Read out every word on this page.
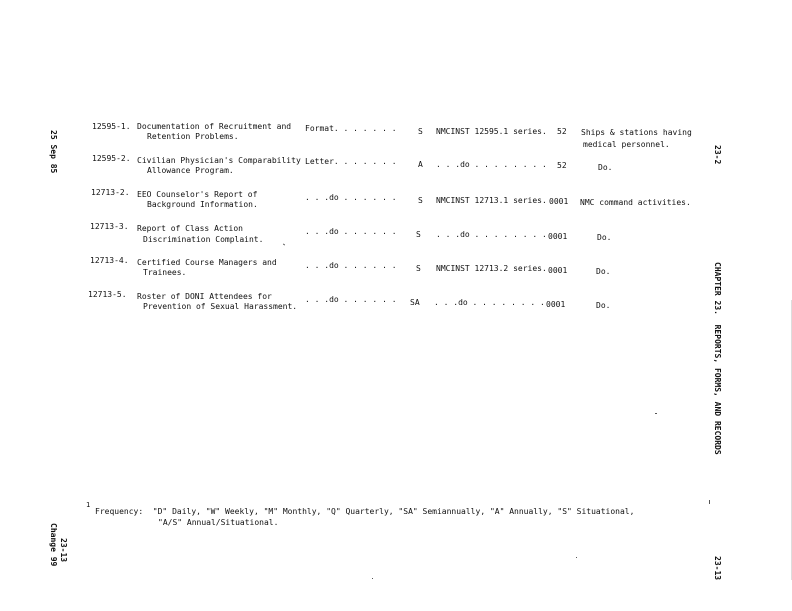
25 Sep 85
23-13
Change 99
23-2
CHAPTER 23.  REPORTS, FORMS, AND RECORDS
23-13
12595-1. Documentation of Recruitment and
Retention Problems.
Format. . . . . . .	S NMCINST 12595.1 series. 52 Ships & stations having
medical personnel.
12595-2. Civilian Physician's Comparability
Allowance Program.
Letter. . . . . . .	A . . .do . . . . . . . . 52	Do.
12713-2. EEO Counselor's Report of
Background Information.
. . .do . . . . . .	S NMCINST 12713.1 series. 0001 NMC command activities.
12713-3. Report of Class Action
Discrimination Complaint.
. . .do . . . . . . S . . .do . . . . . . . . 0001	Do.
12713-4. Certified Course Managers and
Trainees.
. . .do . . . . . . S NMCINST 12713.2 series. 0001	Do.
12713-5. Roster of DONI Attendees for
Prevention of Sexual Harassment.
. . .do . . . . . . SA . . .do . . . . . . . . 0001	Do.
1
Frequency:  "D" Daily, "W" Weekly, "M" Monthly, "Q" Quarterly, "SA" Semiannually, "A" Annually, "S" Situational,
"A/S" Annual/Situational.
